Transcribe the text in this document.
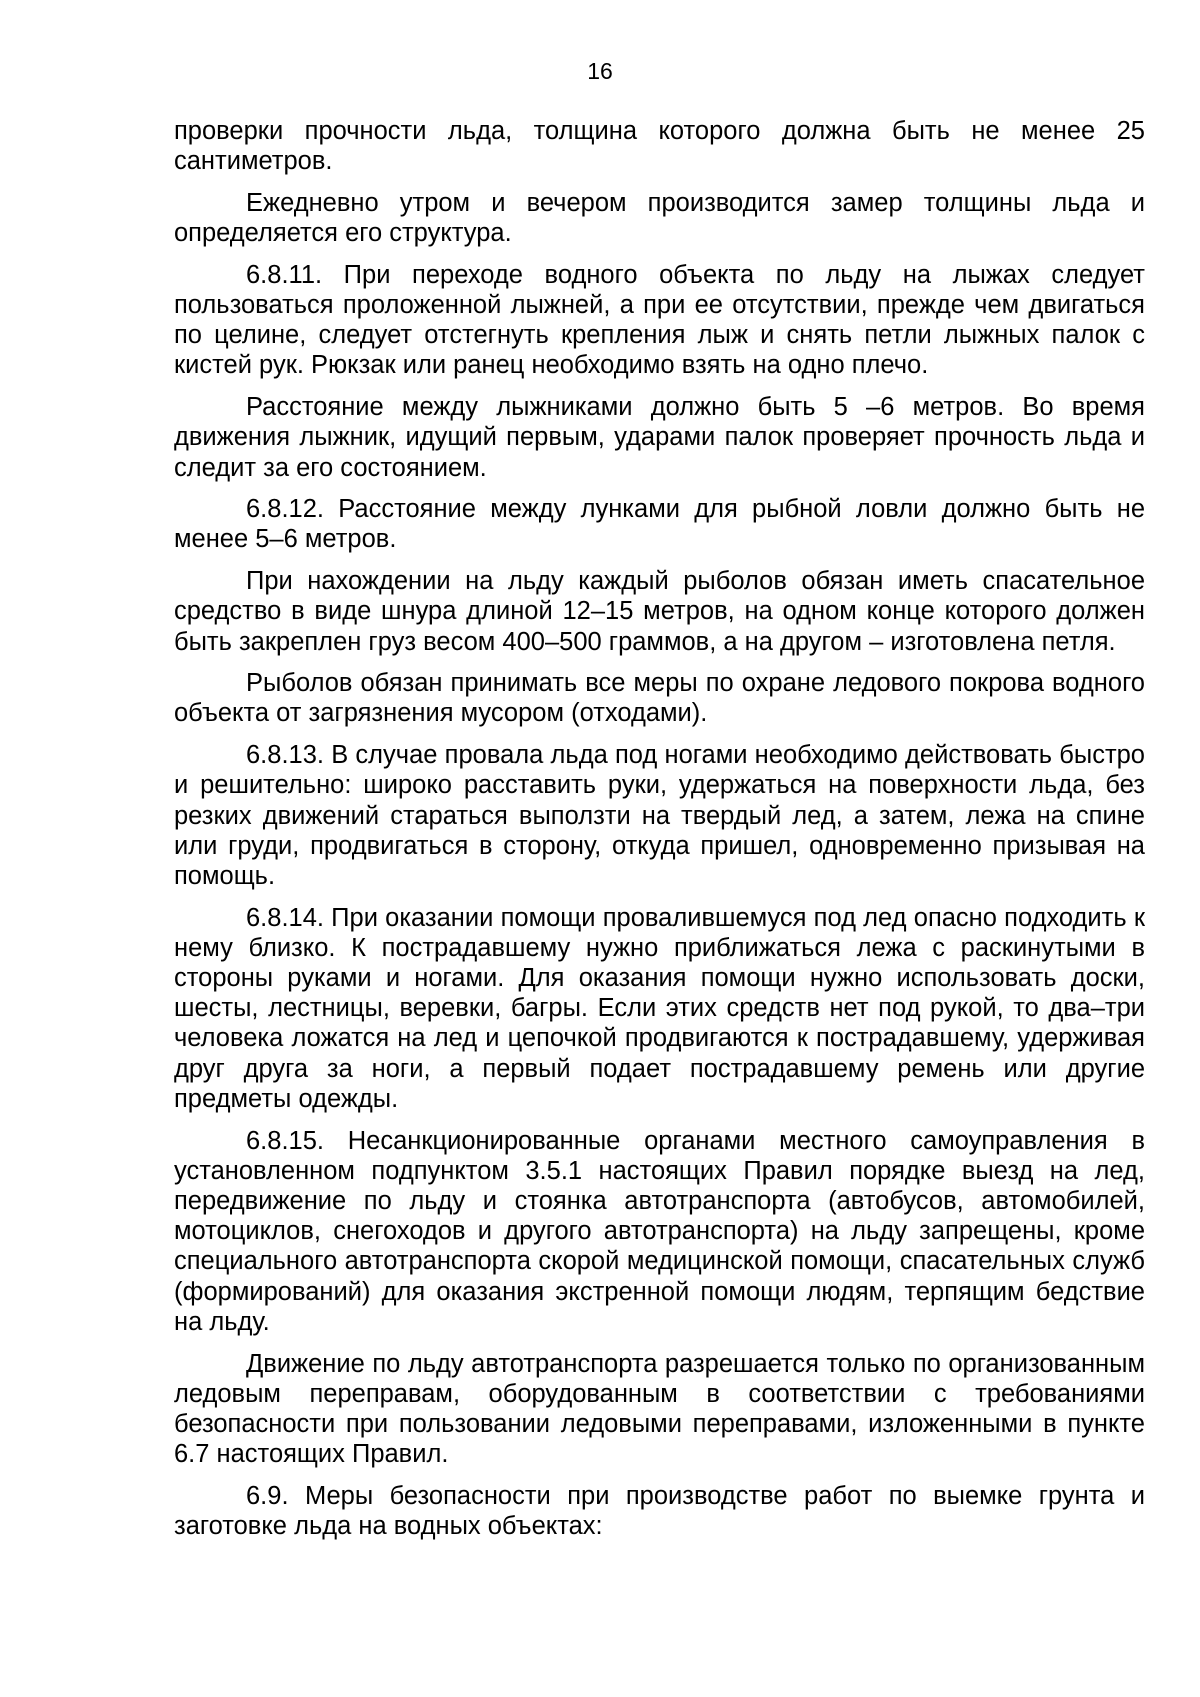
16

проверки прочности льда, толщина которого должна быть не менее 25 сантиметров.

Ежедневно утром и вечером производится замер толщины льда и определяется его структура.

6.8.11. При переходе водного объекта по льду на лыжах следует пользоваться проложенной лыжней, а при ее отсутствии, прежде чем двигаться по целине, следует отстегнуть крепления лыж и снять петли лыжных палок с кистей рук. Рюкзак или ранец необходимо взять на одно плечо.

Расстояние между лыжниками должно быть 5 –6 метров. Во время движения лыжник, идущий первым, ударами палок проверяет прочность льда и следит за его состоянием.

6.8.12. Расстояние между лунками для рыбной ловли должно быть не менее 5–6 метров.

При нахождении на льду каждый рыболов обязан иметь спасательное средство в виде шнура длиной 12–15 метров, на одном конце которого должен быть закреплен груз весом 400–500 граммов, а на другом – изготовлена петля.

Рыболов обязан принимать все меры по охране ледового покрова водного объекта от загрязнения мусором (отходами).

6.8.13. В случае провала льда под ногами необходимо действовать быстро и решительно: широко расставить руки, удержаться на поверхности льда, без резких движений стараться выползти на твердый лед, а затем, лежа на спине или груди, продвигаться в сторону, откуда пришел, одновременно призывая на помощь.

6.8.14. При оказании помощи провалившемуся под лед опасно подходить к нему близко. К пострадавшему нужно приближаться лежа с раскинутыми в стороны руками и ногами. Для оказания помощи нужно использовать доски, шесты, лестницы, веревки, багры. Если этих средств нет под рукой, то два–три человека ложатся на лед и цепочкой продвигаются к пострадавшему, удерживая друг друга за ноги, а первый подает пострадавшему ремень или другие предметы одежды.

6.8.15. Несанкционированные органами местного самоуправления в установленном подпунктом 3.5.1 настоящих Правил порядке выезд на лед, передвижение по льду и стоянка автотранспорта (автобусов, автомобилей, мотоциклов, снегоходов и другого автотранспорта) на льду запрещены, кроме специального автотранспорта скорой медицинской помощи, спасательных служб (формирований) для оказания экстренной помощи людям, терпящим бедствие на льду.

Движение по льду автотранспорта разрешается только по организованным ледовым переправам, оборудованным в соответствии с требованиями безопасности при пользовании ледовыми переправами, изложенными в пункте 6.7 настоящих Правил.

6.9. Меры безопасности при производстве работ по выемке грунта и заготовке льда на водных объектах:
